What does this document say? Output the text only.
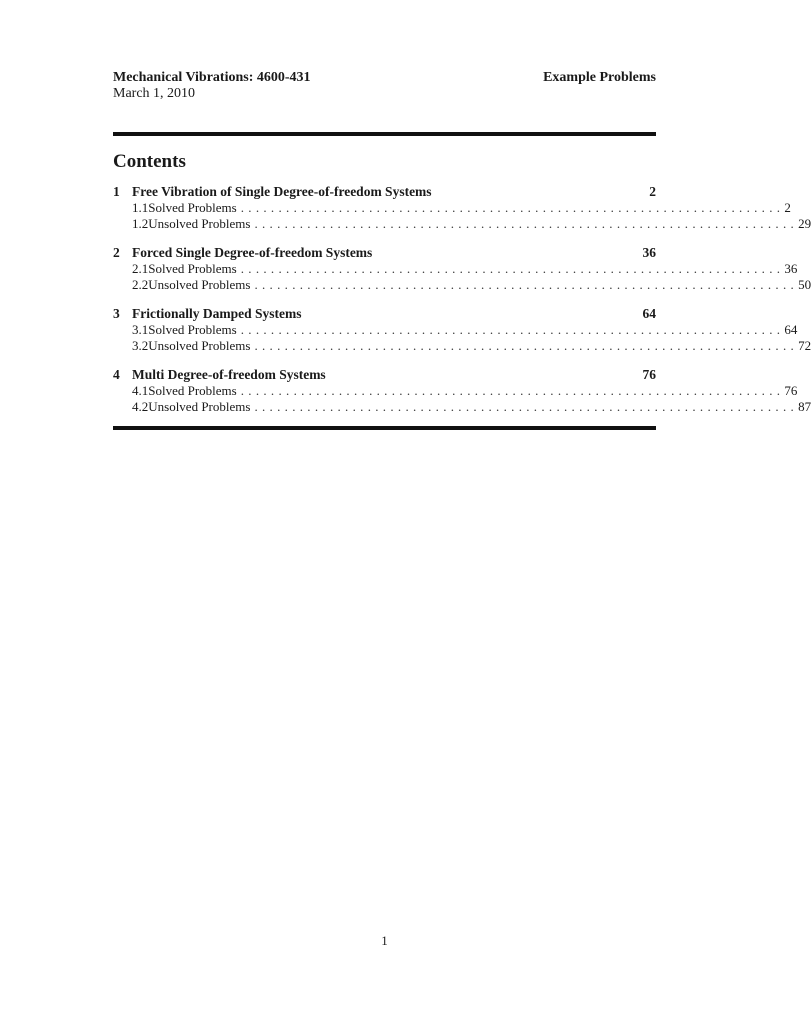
Mechanical Vibrations: 4600-431
March 1, 2010
Example Problems
Contents
1 Free Vibration of Single Degree-of-freedom Systems	2
1.1 Solved Problems ........................................................................ 2
1.2 Unsolved Problems ........................................................................ 29
2 Forced Single Degree-of-freedom Systems	36
2.1 Solved Problems ........................................................................ 36
2.2 Unsolved Problems ........................................................................ 50
3 Frictionally Damped Systems	64
3.1 Solved Problems ........................................................................ 64
3.2 Unsolved Problems ........................................................................ 72
4 Multi Degree-of-freedom Systems	76
4.1 Solved Problems ........................................................................ 76
4.2 Unsolved Problems ........................................................................ 87
1
